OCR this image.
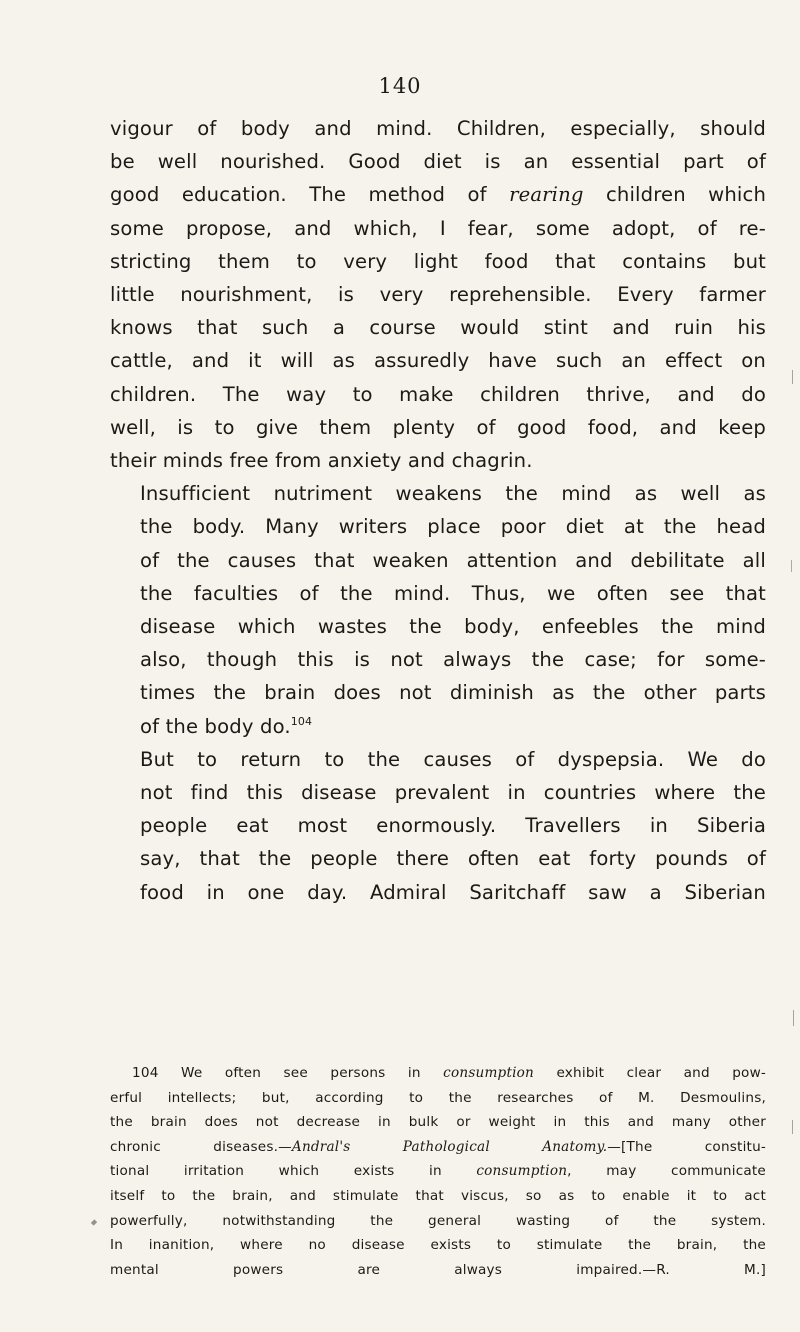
140

vigour of body and mind. Children, especially, should
be well nourished. Good diet is an essential part of
good education. The method of rearing children which
some propose, and which, I fear, some adopt, of re-
stricting them to very light food that contains but
little nourishment, is very reprehensible. Every farmer
knows that such a course would stint and ruin his
cattle, and it will as assuredly have such an effect on
children. The way to make children thrive, and do
well, is to give them plenty of good food, and keep
their minds free from anxiety and chagrin.

Insufficient nutriment weakens the mind as well as
the body. Many writers place poor diet at the head
of the causes that weaken attention and debilitate all
the faculties of the mind. Thus, we often see that
disease which wastes the body, enfeebles the mind
also, though this is not always the case; for some-
times the brain does not diminish as the other parts
of the body do.$^{104}$

But to return to the causes of dyspepsia. We do
not find this disease prevalent in countries where the
people eat most enormously. Travellers in Siberia
say, that the people there often eat forty pounds of
food in one day. Admiral Saritchaff saw a Siberian

104 We often see persons in consumption exhibit clear and pow-
erful intellects; but, according to the researches of M. Desmoulins,
the brain does not decrease in bulk or weight in this and many other
chronic diseases.—Andral's Pathological Anatomy.—[The constitu-
tional irritation which exists in consumption, may communicate
itself to the brain, and stimulate that viscus, so as to enable it to act
powerfully, notwithstanding the general wasting of the system.
In inanition, where no disease exists to stimulate the brain, the
mental powers are always impaired.—R. M.]
